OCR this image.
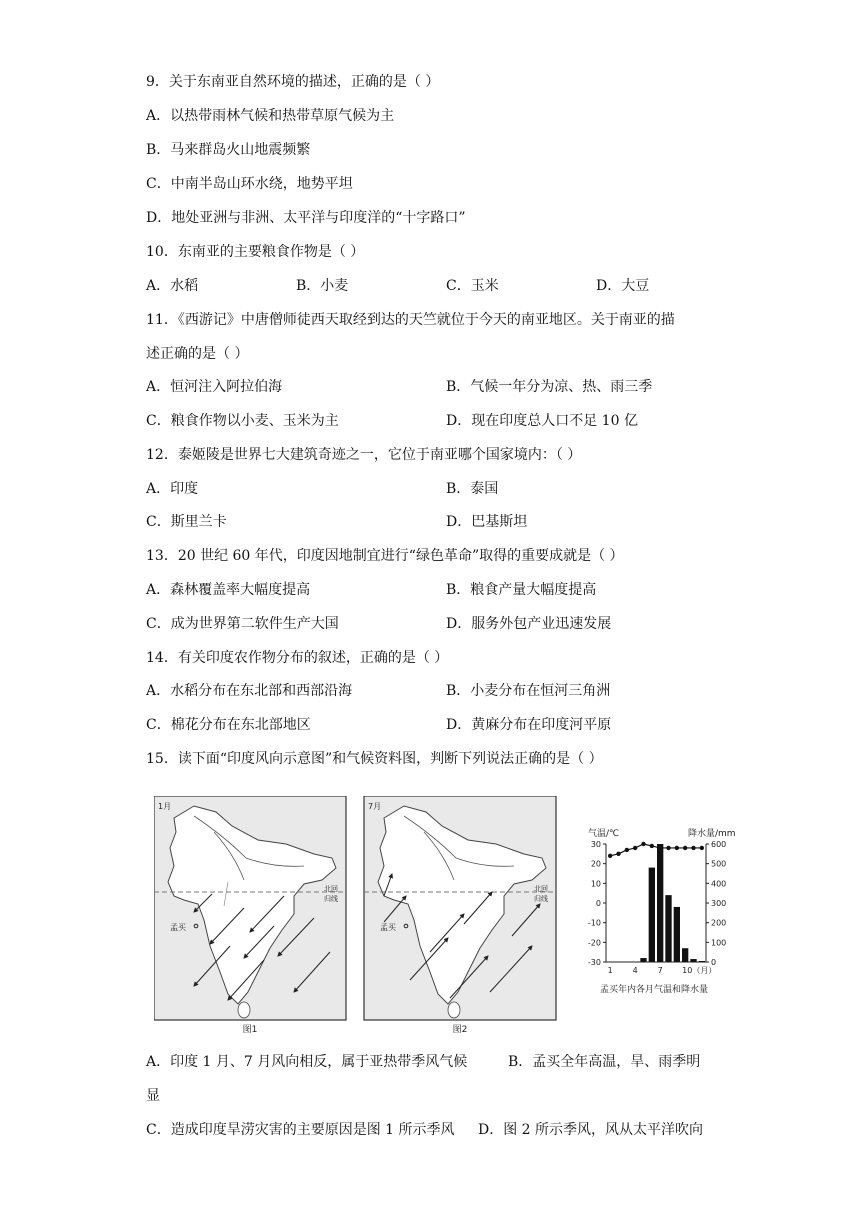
9．关于东南亚自然环境的描述，正确的是（ ）
A．以热带雨林气候和热带草原气候为主
B．马来群岛火山地震频繁
C．中南半岛山环水绕，地势平坦
D．地处亚洲与非洲、太平洋与印度洋的“十字路口”
10．东南亚的主要粮食作物是（ ）
A．水稻	B．小麦	C．玉米	D．大豆
11．《西游记》中唐僧师徒西天取经到达的天竺就位于今天的南亚地区。关于南亚的描
述正确的是（ ）
A．恒河注入阿拉伯海	B．气候一年分为凉、热、雨三季
C．粮食作物以小麦、玉米为主	D．现在印度总人口不足 10 亿
12．泰姬陵是世界七大建筑奇迹之一，它位于南亚哪个国家境内：（ ）
A．印度	B．泰国
C．斯里兰卡	D．巴基斯坦
13．20 世纪 60 年代，印度因地制宜进行“绿色革命”取得的重要成就是（ ）
A．森林覆盖率大幅度提高	B．粮食产量大幅度提高
C．成为世界第二软件生产大国	D．服务外包产业迅速发展
14．有关印度农作物分布的叙述，正确的是（ ）
A．水稻分布在东北部和西部沿海	B．小麦分布在恒河三角洲
C．棉花分布在东北部地区	D．黄麻分布在印度河平原
15．读下面“印度风向示意图”和气候资料图，判断下列说法正确的是（ ）
1月
北回
归线
孟买
图1
7月
北回
归线
孟买
图2
气温/℃	降水量/mm
孟买年内各月气温和降水量
30
20
10
0
-10
-20
-30
600
500
400
300
200
100
0
1 4 7 10（月）
A．印度 1 月、7 月风向相反，属于亚热带季风气候	B．孟买全年高温，旱、雨季明
显
C．造成印度旱涝灾害的主要原因是图 1 所示季风 D．图 2 所示季风，风从太平洋吹向
